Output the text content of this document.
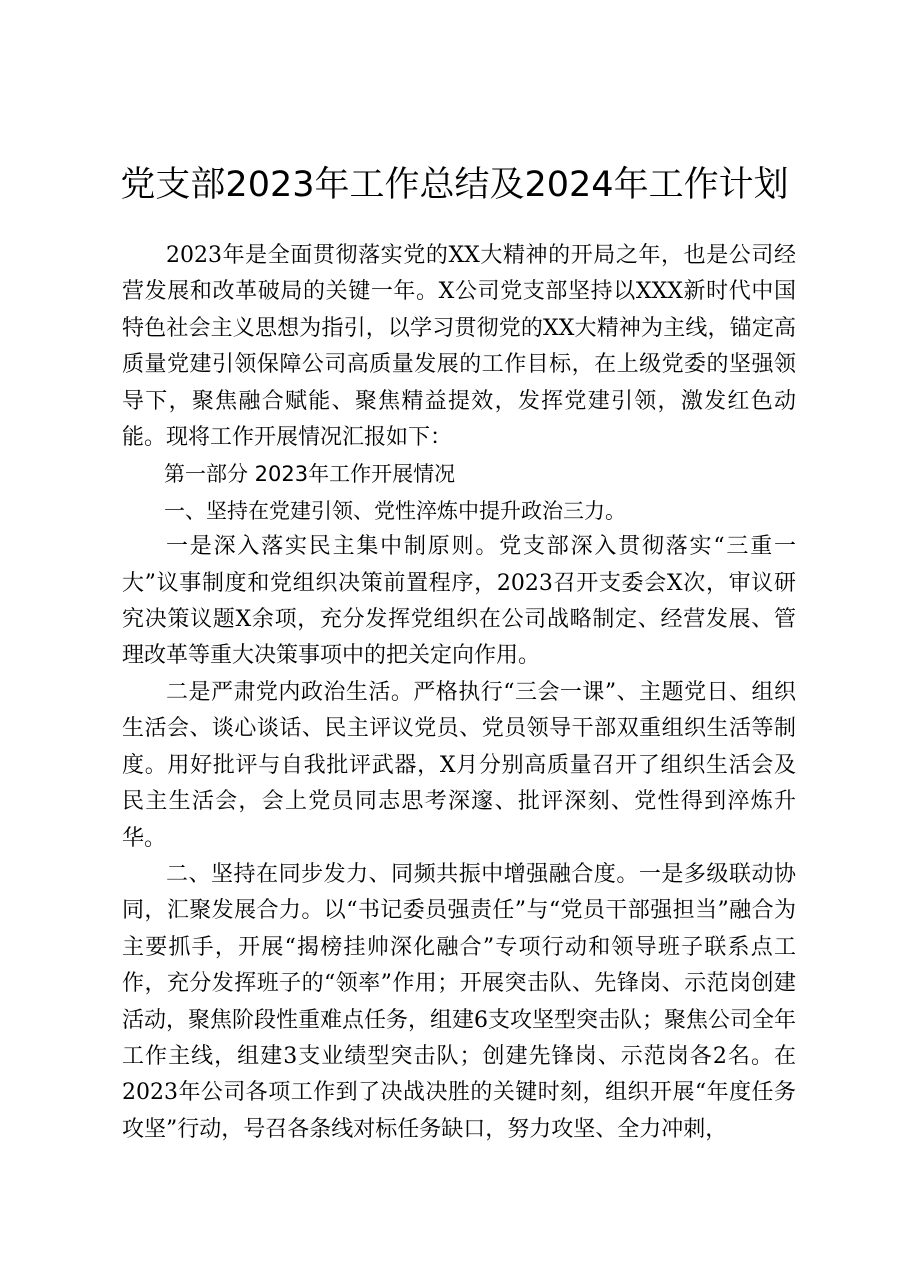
党支部2023年工作总结及2024年工作计划

2023年是全面贯彻落实党的XX大精神的开局之年，也是公司经营发展和改革破局的关键一年。X公司党支部坚持以XXX新时代中国特色社会主义思想为指引，以学习贯彻党的XX大精神为主线，锚定高质量党建引领保障公司高质量发展的工作目标，在上级党委的坚强领导下，聚焦融合赋能、聚焦精益提效，发挥党建引领，激发红色动能。现将工作开展情况汇报如下：

第一部分 2023年工作开展情况

一、坚持在党建引领、党性淬炼中提升政治三力。

一是深入落实民主集中制原则。党支部深入贯彻落实“三重一大”议事制度和党组织决策前置程序，2023召开支委会X次，审议研究决策议题X余项，充分发挥党组织在公司战略制定、经营发展、管理改革等重大决策事项中的把关定向作用。

二是严肃党内政治生活。严格执行“三会一课”、主题党日、组织生活会、谈心谈话、民主评议党员、党员领导干部双重组织生活等制度。用好批评与自我批评武器，X月分别高质量召开了组织生活会及民主生活会，会上党员同志思考深邃、批评深刻、党性得到淬炼升华。

二、坚持在同步发力、同频共振中增强融合度。一是多级联动协同，汇聚发展合力。以“书记委员强责任”与“党员干部强担当”融合为主要抓手，开展“揭榜挂帅深化融合”专项行动和领导班子联系点工作，充分发挥班子的“领率”作用；开展突击队、先锋岗、示范岗创建活动，聚焦阶段性重难点任务，组建6支攻坚型突击队；聚焦公司全年工作主线，组建3支业绩型突击队；创建先锋岗、示范岗各2名。在2023年公司各项工作到了决战决胜的关键时刻，组织开展“年度任务攻坚”行动，号召各条线对标任务缺口，努力攻坚、全力冲刺，
